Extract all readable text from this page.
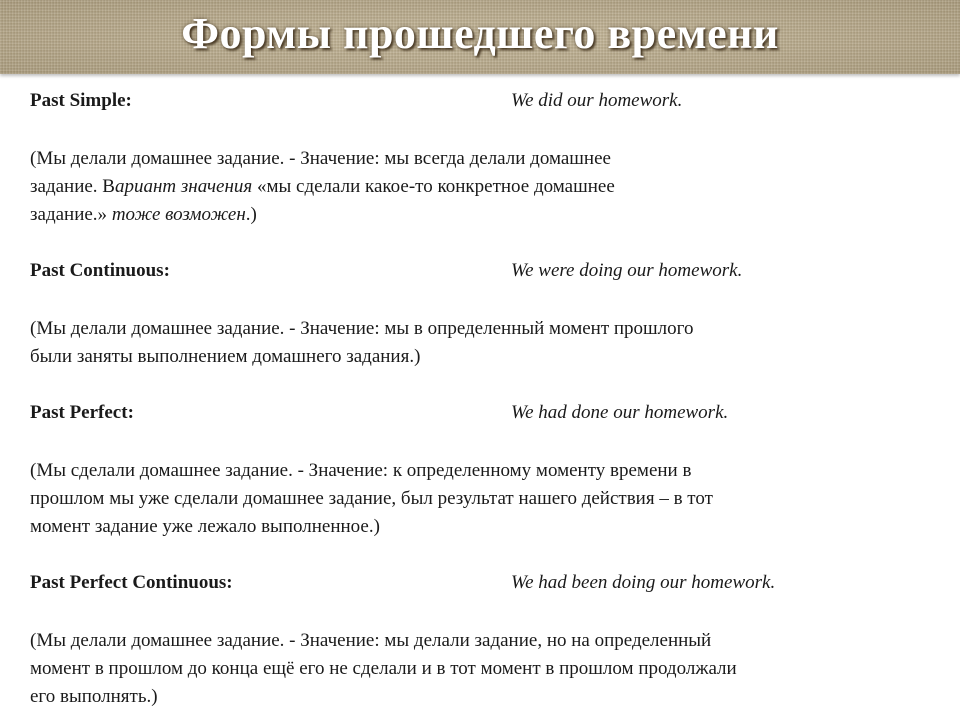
Формы прошедшего времени
Past Simple:	We did our homework.

(Мы делали домашнее задание. - Значение: мы всегда делали домашнее
задание. Вариант значения «мы сделали какое-то конкретное домашнее
задание.» тоже возможен.)

Past Continuous:	We were doing our homework.

(Мы делали домашнее задание. - Значение: мы в определенный момент прошлого
были заняты выполнением домашнего задания.)

Past Perfect:	We had done our homework.

(Мы сделали домашнее задание. - Значение: к определенному моменту времени в
прошлом мы уже сделали домашнее задание, был результат нашего действия – в тот
момент задание уже лежало выполненное.)

Past Perfect Continuous:	We had been doing our homework.

(Мы делали домашнее задание. - Значение: мы делали задание, но на определенный
момент в прошлом до конца ещё его не сделали и в тот момент в прошлом продолжали
его выполнять.)
